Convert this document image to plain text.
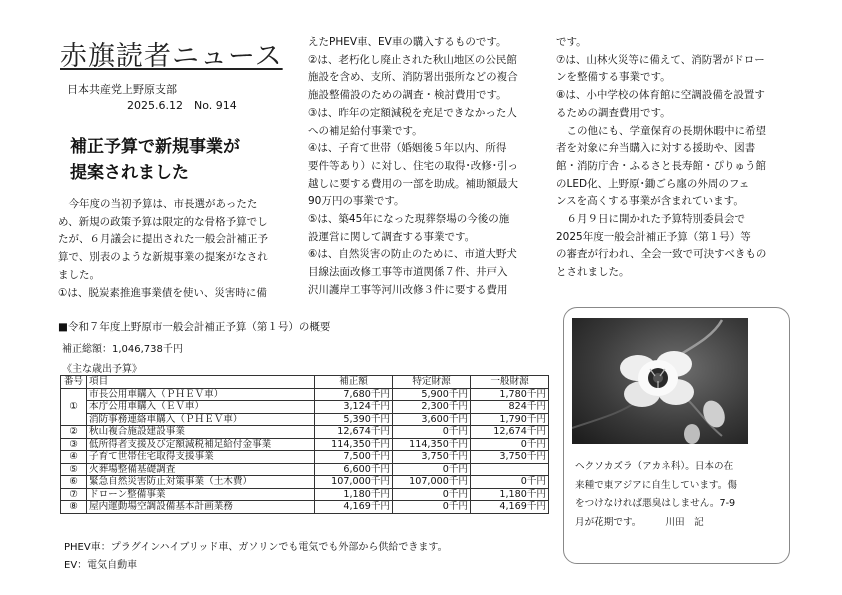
赤旗読者ニュース
日本共産党上野原支部
2025.6.12　No. 914
補正予算で新規事業が
提案されました
　今年度の当初予算は、市長選があったた
め、新規の政策予算は限定的な骨格予算でし
たが、６月議会に提出された一般会計補正予
算で、別表のような新規事業の提案がなされ
ました。
①は、脱炭素推進事業債を使い、災害時に備
えたPHEV車、EV車の購入するものです。
②は、老朽化し廃止された秋山地区の公民館
施設を含め、支所、消防署出張所などの複合
施設整備設のための調査・検討費用です。
③は、昨年の定額減税を充足できなかった人
への補足給付事業です。
④は、子育て世帯（婚姻後５年以内、所得
要件等あり）に対し、住宅の取得･改修･引っ
越しに要する費用の一部を助成。補助額最大
90万円の事業です。
⑤は、築45年になった現葬祭場の今後の施
設運営に関して調査する事業です。
⑥は、自然災害の防止のために、市道大野犬
目線法面改修工事等市道関係７件、井戸入
沢川護岸工事等河川改修３件に要する費用
です。
⑦は、山林火災等に備えて、消防署がドロー
ンを整備する事業です。
⑧は、小中学校の体育館に空調設備を設置す
るための調査費用です。
　この他にも、学童保育の長期休暇中に希望
者を対象に弁当購入に対する援助や、図書
館・消防庁舎・ふるさと長寿館・ぴりゅう館
のLED化、上野原･鋤ごら廛の外周のフェ
ンスを高くする事業が含まれています。
　６月９日に開かれた予算特別委員会で
2025年度一般会計補正予算（第１号）等
の審査が行われ、全会一致で可決すべきもの
とされました。
■令和７年度上野原市一般会計補正予算（第１号）の概要
補正総額：1,046,738千円
《主な歳出予算》
番号	項目	補正額	特定財源	一般財源
①	市長公用車購入（ＰＨＥＶ車）	7,680千円	5,900千円	1,780千円
	本庁公用車購入（ＥＶ車）	3,124千円	2,300千円	824千円
	消防事務連絡車購入（ＰＨＥＶ車）	5,390千円	3,600千円	1,790千円
②	秋山複合施設建設事業	12,674千円	0千円	12,674千円
③	低所得者支援及び定額減税補足給付金事業	114,350千円	114,350千円	0千円
④	子育て世帯住宅取得支援事業	7,500千円	3,750千円	3,750千円
⑤	火葬場整備基礎調査	6,600千円	0千円	
⑥	緊急自然災害防止対策事業（土木費）	107,000千円	107,000千円	0千円
⑦	ドローン整備事業	1,180千円	0千円	1,180千円
⑧	屋内運動場空調設備基本計画業務	4,169千円	0千円	4,169千円
PHEV車：プラグインハイブリッド車、ガソリンでも電気でも外部から供給できます。
EV：電気自動車
ヘクソカズラ（アカネ科）。日本の在
来種で東アジアに自生しています。傷
をつけなければ悪臭はしません。7-9
月が花期です。　　　川田　記
